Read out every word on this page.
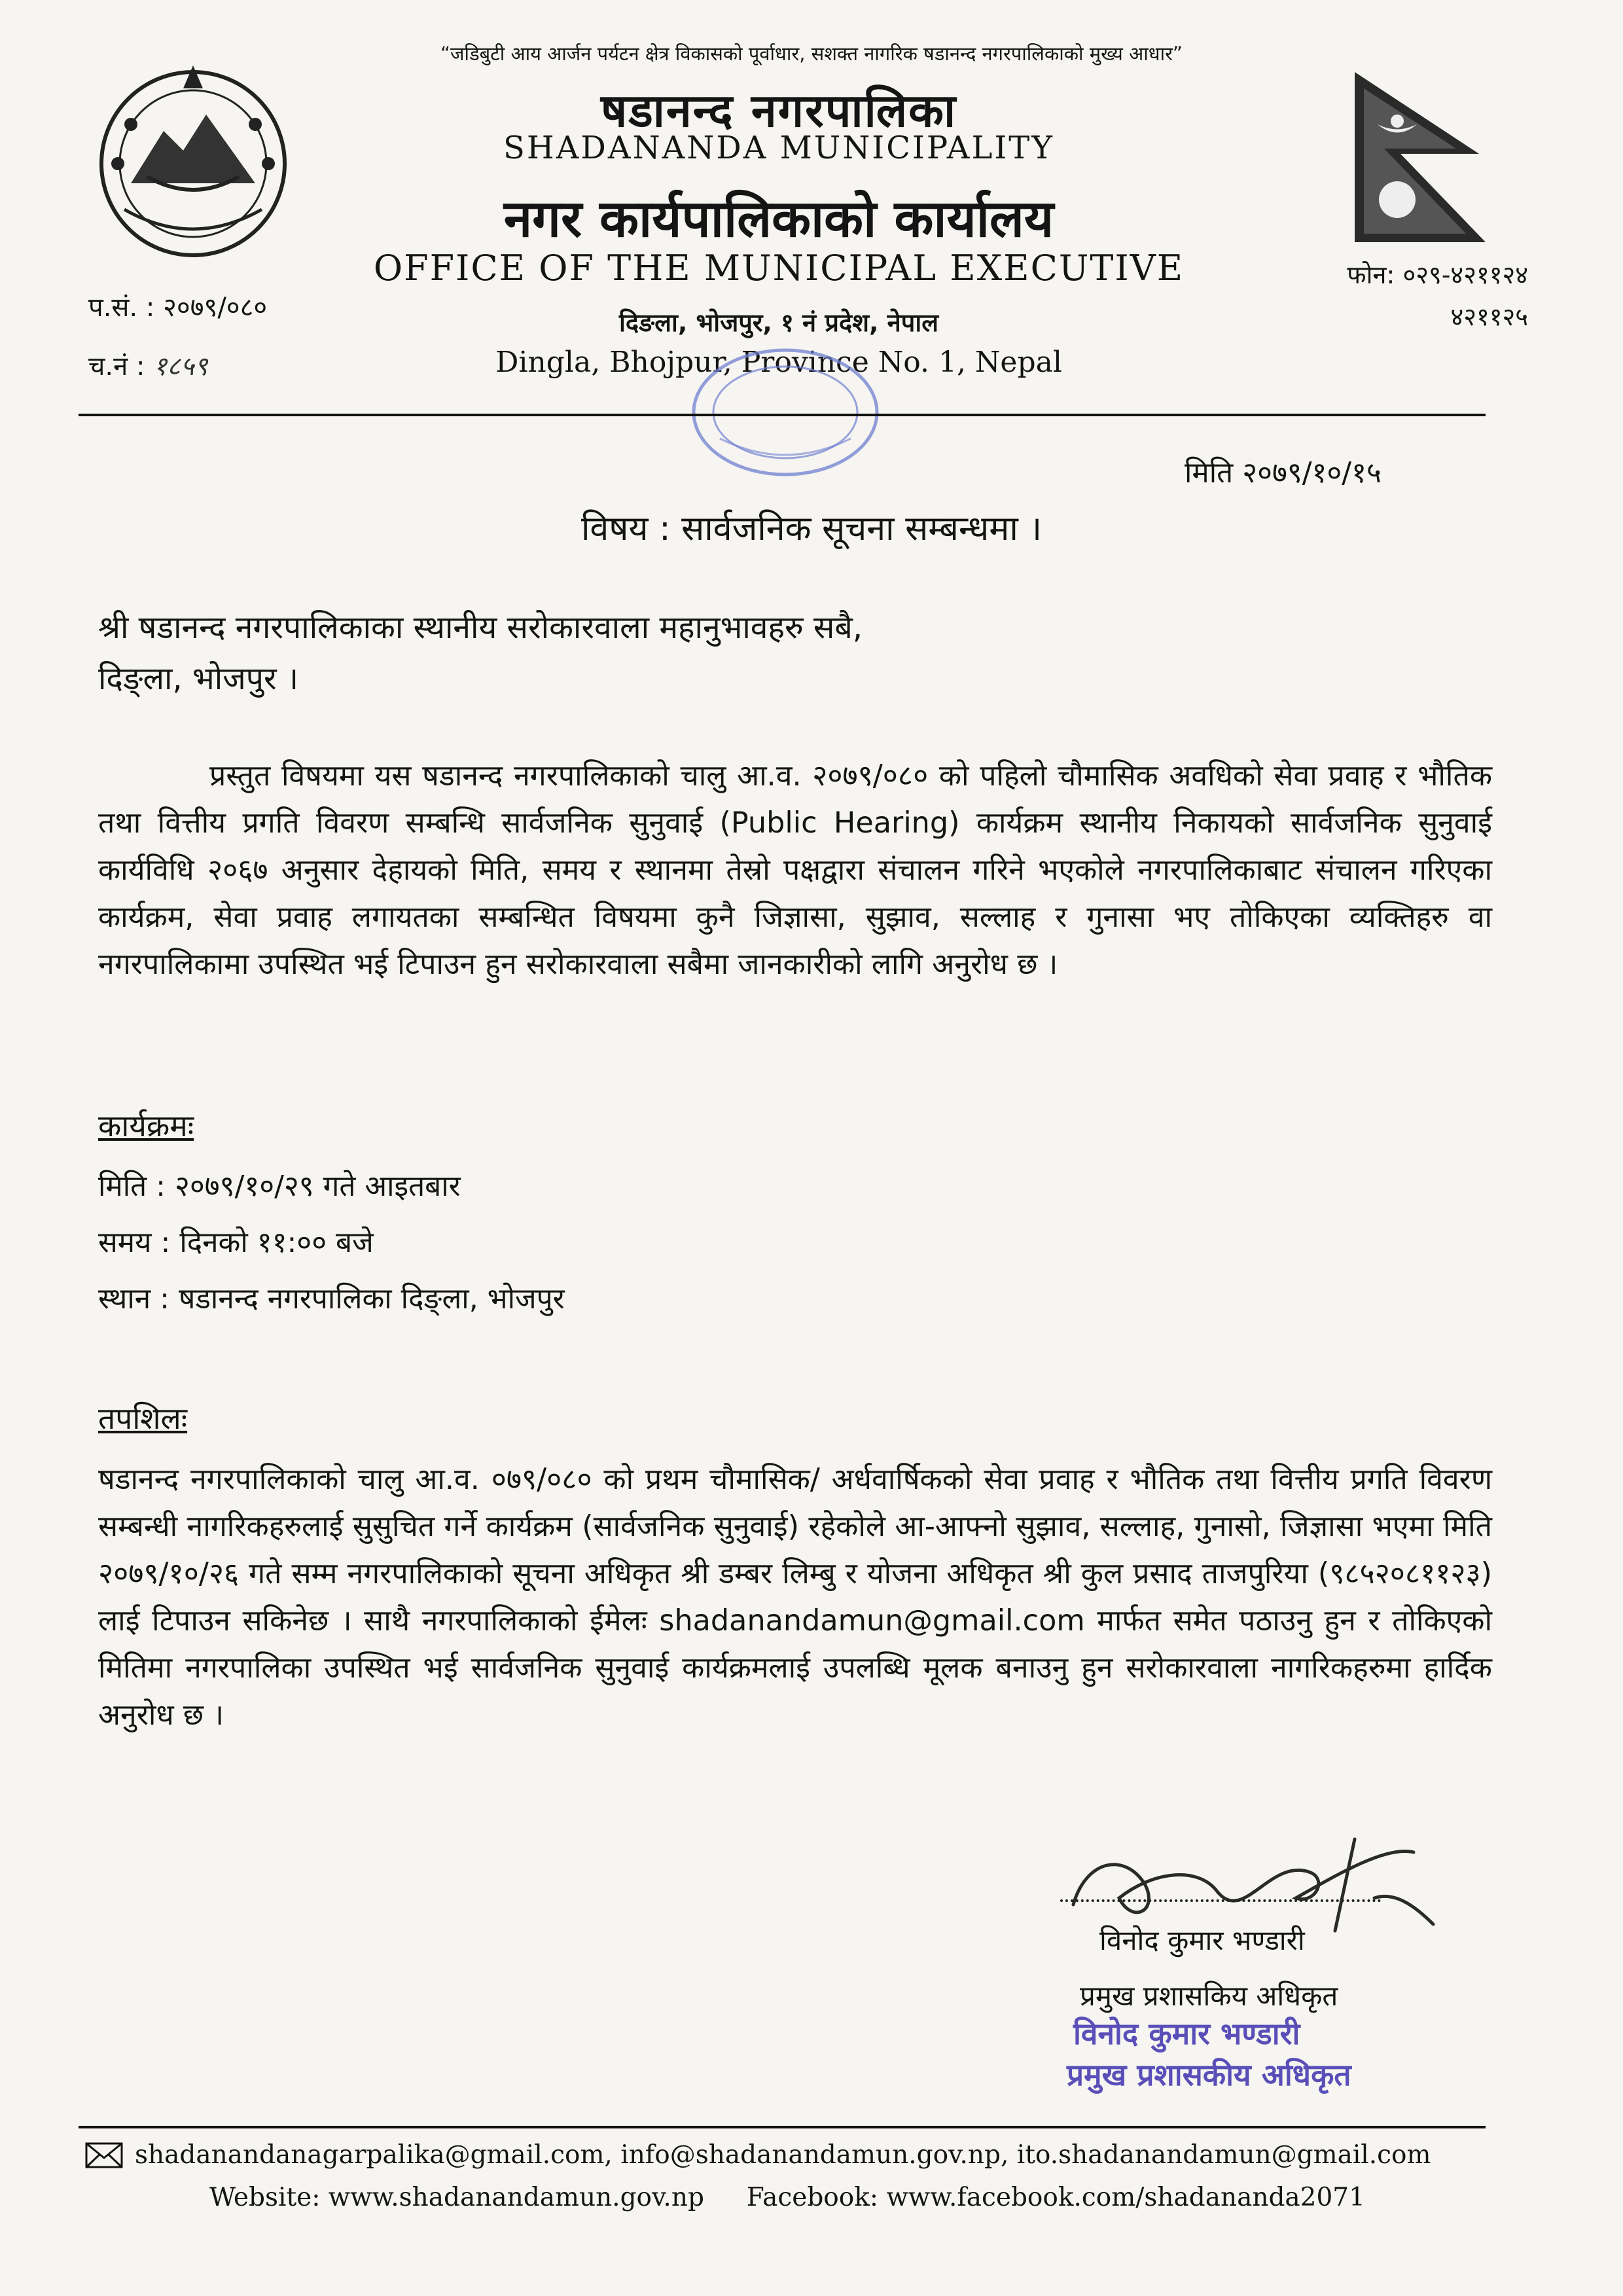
“जडिबुटी आय आर्जन पर्यटन क्षेत्र विकासको पूर्वाधार, सशक्त नागरिक षडानन्द नगरपालिकाको मुख्य आधार”
षडानन्द नगरपालिका
SHADANANDA MUNICIPALITY
नगर कार्यपालिकाको कार्यालय
OFFICE OF THE MUNICIPAL EXECUTIVE
दिङला, भोजपुर, १ नं प्रदेश, नेपाल
Dingla, Bhojpur, Province No. 1, Nepal
प.सं. : २०७९/०८०
च.नं : १८५९
फोन: ०२९-४२११२४
४२११२५
मिति २०७९/१०/१५
विषय : सार्वजनिक सूचना सम्बन्धमा ।
श्री षडानन्द नगरपालिकाका स्थानीय सरोकारवाला महानुभावहरु सबै,
दिङ्ला, भोजपुर ।
प्रस्तुत विषयमा यस षडानन्द नगरपालिकाको चालु आ.व. २०७९/०८० को पहिलो चौमासिक अवधिको सेवा प्रवाह र भौतिक तथा वित्तीय प्रगति विवरण सम्बन्धि सार्वजनिक सुनुवाई (Public Hearing) कार्यक्रम स्थानीय निकायको सार्वजनिक सुनुवाई कार्यविधि २०६७ अनुसार देहायको मिति, समय र स्थानमा तेस्रो पक्षद्वारा संचालन गरिने भएकोले नगरपालिकाबाट संचालन गरिएका कार्यक्रम, सेवा प्रवाह लगायतका सम्बन्धित विषयमा कुनै जिज्ञासा, सुझाव, सल्लाह र गुनासा भए तोकिएका व्यक्तिहरु वा नगरपालिकामा उपस्थित भई टिपाउन हुन सरोकारवाला सबैमा जानकारीको लागि अनुरोध छ ।
कार्यक्रमः
मिति : २०७९/१०/२९ गते आइतबार
समय : दिनको ११:०० बजे
स्थान : षडानन्द नगरपालिका दिङ्ला, भोजपुर
तपशिलः
षडानन्द नगरपालिकाको चालु आ.व. ०७९/०८० को प्रथम चौमासिक/ अर्धवार्षिकको सेवा प्रवाह र भौतिक तथा वित्तीय प्रगति विवरण सम्बन्धी नागरिकहरुलाई सुसुचित गर्ने कार्यक्रम (सार्वजनिक सुनुवाई) रहेकोले आ-आफ्नो सुझाव, सल्लाह, गुनासो, जिज्ञासा भएमा मिति २०७९/१०/२६ गते सम्म नगरपालिकाको सूचना अधिकृत श्री डम्बर लिम्बु र योजना अधिकृत श्री कुल प्रसाद ताजपुरिया (९८५२०८११२३) लाई टिपाउन सकिनेछ । साथै नगरपालिकाको ईमेलः shadanandamun@gmail.com मार्फत समेत पठाउनु हुन र तोकिएको मितिमा नगरपालिका उपस्थित भई सार्वजनिक सुनुवाई कार्यक्रमलाई उपलब्धि मूलक बनाउनु हुन सरोकारवाला नागरिकहरुमा हार्दिक अनुरोध छ ।
विनोद कुमार भण्डारी
प्रमुख प्रशासकिय अधिकृत
विनोद कुमार भण्डारी
प्रमुख प्रशासकीय अधिकृत
shadanandanagarpalika@gmail.com, info@shadanandamun.gov.np, ito.shadanandamun@gmail.com
Website: www.shadanandamun.gov.np Facebook: www.facebook.com/shadananda2071
